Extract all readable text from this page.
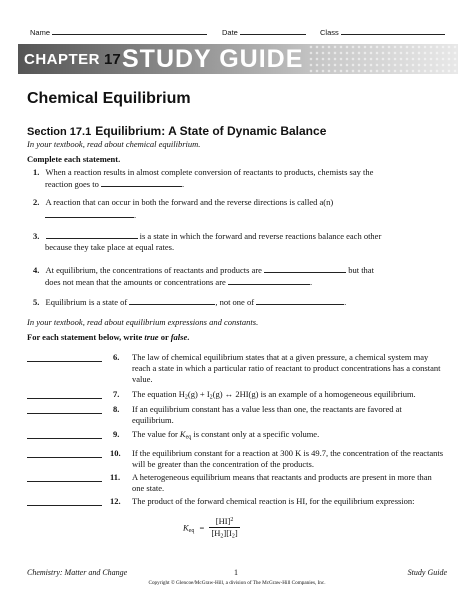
Name	Date	Class
CHAPTER 17 STUDY GUIDE
Chemical Equilibrium
Section 17.1 Equilibrium: A State of Dynamic Balance
In your textbook, read about chemical equilibrium.
Complete each statement.
1. When a reaction results in almost complete conversion of reactants to products, chemists say the
reaction goes to	.
2. A reaction that can occur in both the forward and the reverse directions is called a(n)
.
3.	is a state in which the forward and reverse reactions balance each other
because they take place at equal rates.
4. At equilibrium, the concentrations of reactants and products are	but that
does not mean that the amounts or concentrations are	.
5. Equilibrium is a state of	, not one of	.
In your textbook, read about equilibrium expressions and constants.
For each statement below, write true or false.
6. The law of chemical equilibrium states that at a given pressure, a chemical system may reach a state in which a particular ratio of reactant to product concentrations has a constant value.
7. The equation $H_2(g) + I_2(g)$ ↔ 2HI(g) is an example of a homogeneous equilibrium.
8. If an equilibrium constant has a value less than one, the reactants are favored at equilibrium.
9. The value for $K_{eq}$ is constant only at a specific volume.
10. If the equilibrium constant for a reaction at 300 K is 49.7, the concentration of the reactants will be greater than the concentration of the products.
11. A heterogeneous equilibrium means that reactants and products are present in more than one state.
12. The product of the forward chemical reaction is HI, for the equilibrium expression:
$K_{eq} = \frac{[HI]^2}{[H_2][I_2]}$
Chemistry: Matter and Change	1	Study Guide
Copyright © Glencoe/McGraw-Hill, a division of The McGraw-Hill Companies, Inc.
